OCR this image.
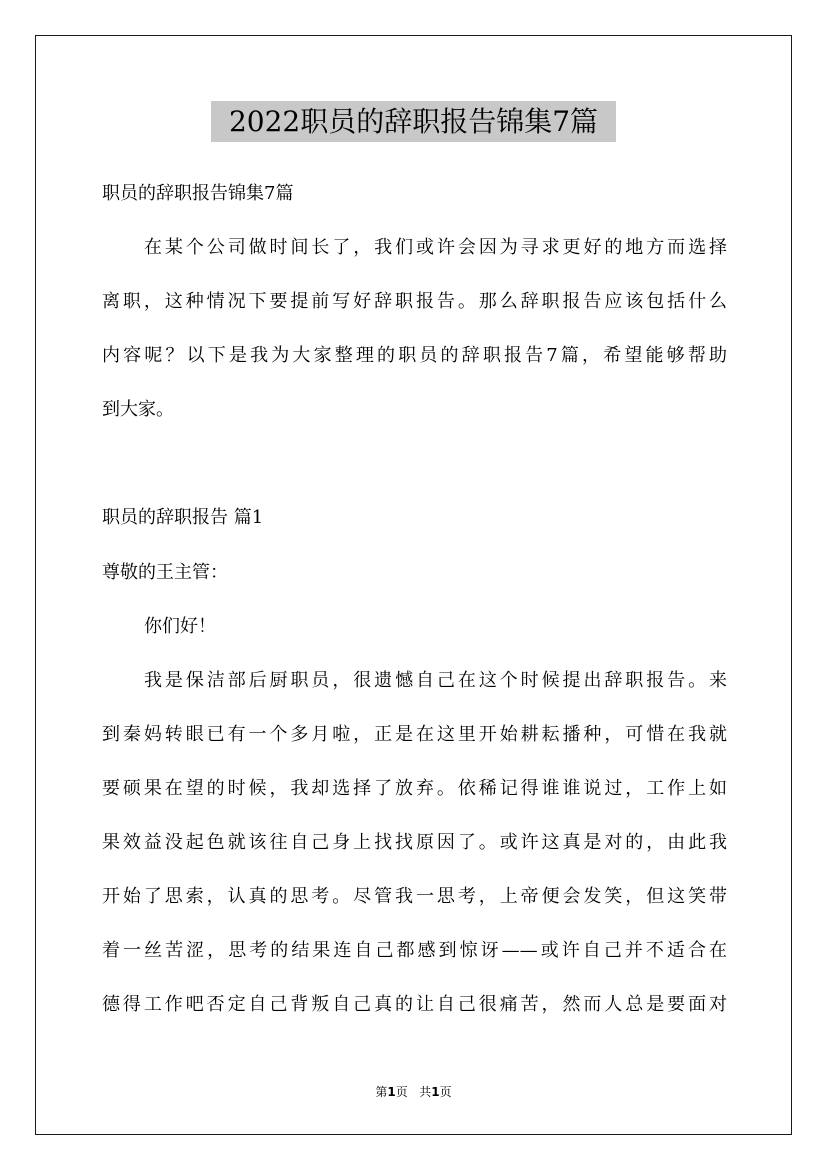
2022职员的辞职报告锦集7篇
职员的辞职报告锦集7篇
在某个公司做时间长了，我们或许会因为寻求更好的地方而选择
离职，这种情况下要提前写好辞职报告。那么辞职报告应该包括什么
内容呢？以下是我为大家整理的职员的辞职报告7篇，希望能够帮助
到大家。
职员的辞职报告 篇1
尊敬的王主管：
你们好！
我是保洁部后厨职员，很遗憾自己在这个时候提出辞职报告。来
到秦妈转眼已有一个多月啦，正是在这里开始耕耘播种，可惜在我就
要硕果在望的时候，我却选择了放弃。依稀记得谁谁说过，工作上如
果效益没起色就该往自己身上找找原因了。或许这真是对的，由此我
开始了思索，认真的思考。尽管我一思考，上帝便会发笑，但这笑带
着一丝苦涩，思考的结果连自己都感到惊讶——或许自己并不适合在
德得工作吧否定自己背叛自己真的让自己很痛苦，然而人总是要面对
第1页 共1页
